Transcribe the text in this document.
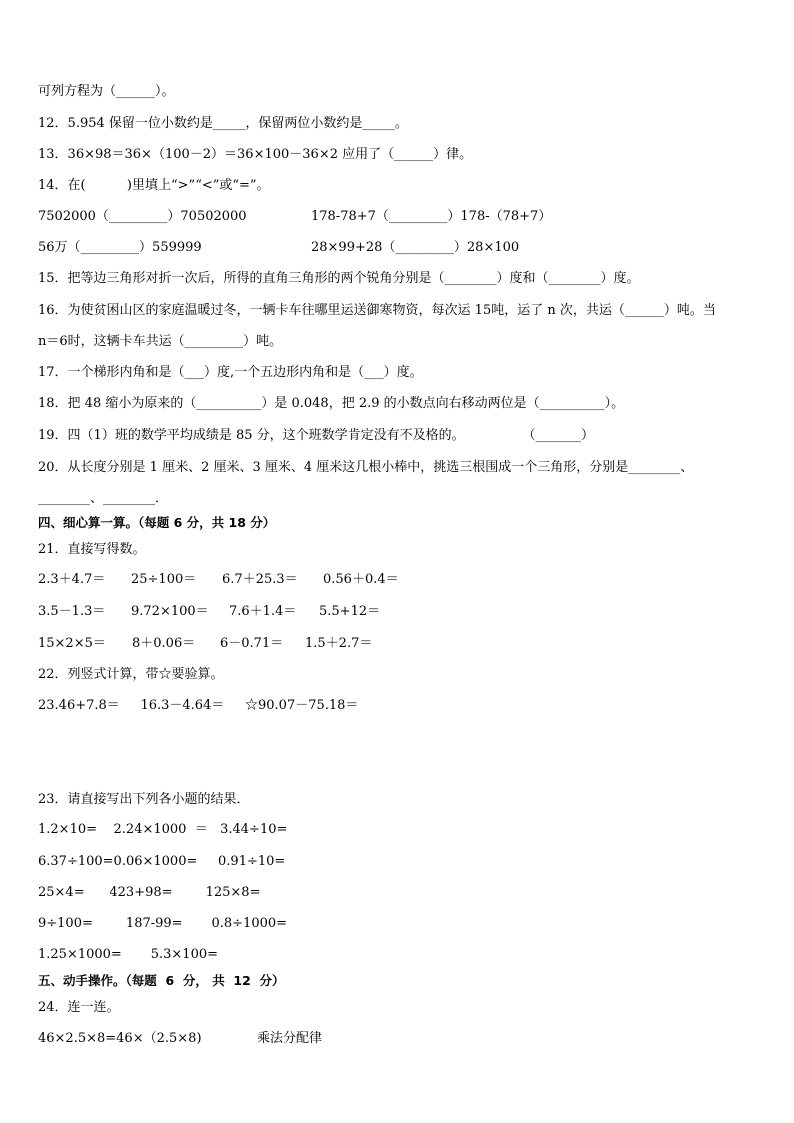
可列方程为（______）。
12．5.954 保留一位小数约是_____，保留两位小数约是_____。
13．36×98＝36×（100－2）＝36×100－36×2 应用了（______）律。
14．在(          )里填上“>”“<”或“=”。
7502000（_________）70502000	178-78+7（_________）178-（78+7）
56万（_________）559999	28×99+28（_________）28×100
15．把等边三角形对折一次后，所得的直角三角形的两个锐角分别是（________）度和（________）度。
16．为使贫困山区的家庭温暖过冬，一辆卡车往哪里运送御寒物资，每次运 15吨，运了 n 次，共运（______）吨。当
n＝6时，这辆卡车共运（_________）吨。
17．一个梯形内角和是（___）度,一个五边形内角和是（___）度。
18．把 48 缩小为原来的（__________）是 0.048，把 2.9 的小数点向右移动两位是（__________）。
19．四（1）班的数学平均成绩是 85 分，这个班数学肯定没有不及格的。              （_______）
20．从长度分别是 1 厘米、2 厘米、3 厘米、4 厘米这几根小棒中，挑选三根围成一个三角形，分别是________、
________、________．
四、细心算一算。（每题 6 分，共 18 分）
21．直接写得数。
2.3＋4.7＝ 25÷100＝ 6.7＋25.3＝ 0.56＋0.4＝
3.5－1.3＝ 9.72×100＝ 7.6＋1.4＝ 5.5+12＝
15×2×5＝ 8＋0.06＝ 6－0.71＝ 1.5＋2.7＝
22．列竖式计算，带☆要验算。
23.46+7.8＝     16.3－4.64＝     ☆90.07－75.18＝
23．请直接写出下列各小题的结果．
1.2×10=    2.24×1000  ＝   3.44÷10=
6.37÷100=0.06×1000=     0.91÷10=
25×4=      423+98=        125×8=
9÷100=        187-99=       0.8÷1000=
1.25×1000=       5.3×100=
五、动手操作。（每题  6  分， 共  12  分）
24．连一连。
46×2.5×8=46×（2.5×8)	乘法分配律
